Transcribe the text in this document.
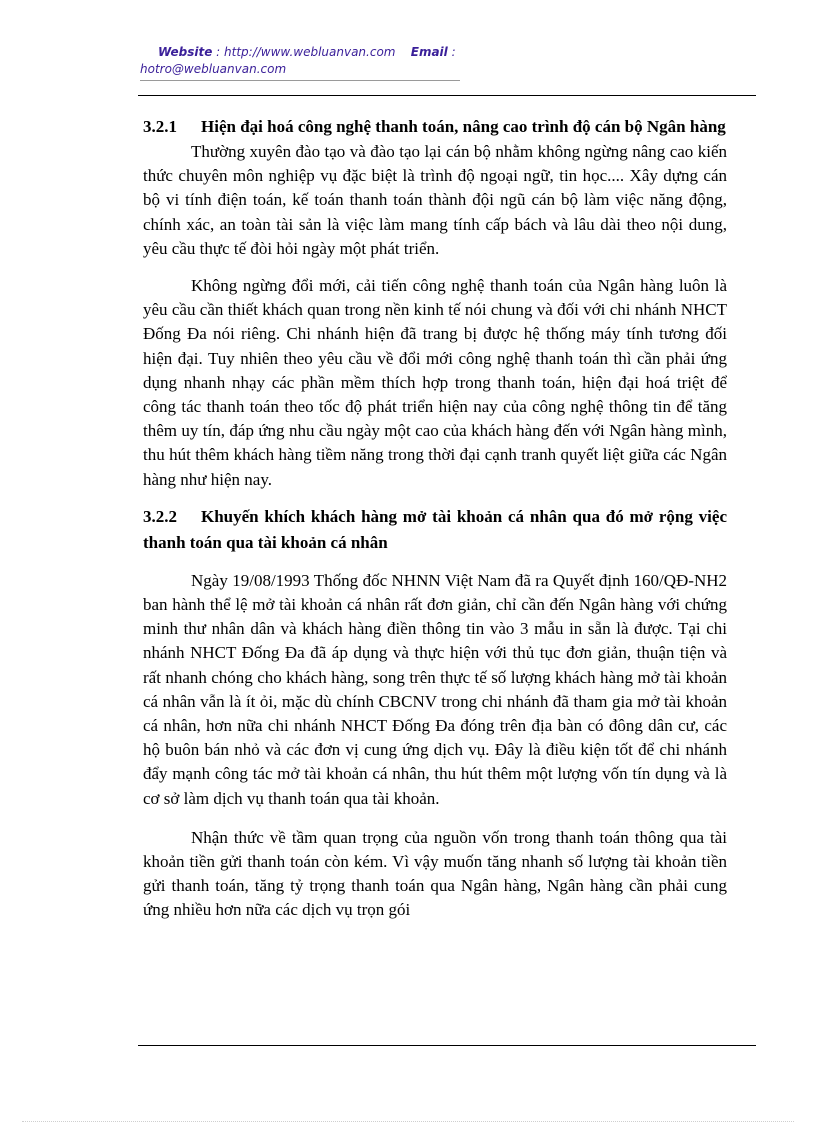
Website : http://www.webluanvan.com Email :
hotro@webluanvan.com
3.2.1 Hiện đại hoá công nghệ thanh toán, nâng cao trình độ cán bộ Ngân hàng

Thường xuyên đào tạo và đào tạo lại cán bộ nhằm không ngừng nâng cao kiến thức chuyên môn nghiệp vụ đặc biệt là trình độ ngoại ngữ, tin học.... Xây dựng cán bộ vi tính điện toán, kế toán thanh toán thành đội ngũ cán bộ làm việc năng động, chính xác, an toàn tài sản là việc làm mang tính cấp bách và lâu dài theo nội dung, yêu cầu thực tế đòi hỏi ngày một phát triển.

Không ngừng đổi mới, cải tiến công nghệ thanh toán của Ngân hàng luôn là yêu cầu cần thiết khách quan trong nền kinh tế nói chung và đối với chi nhánh NHCT Đống Đa nói riêng. Chi nhánh hiện đã trang bị được hệ thống máy tính tương đối hiện đại. Tuy nhiên theo yêu cầu về đổi mới công nghệ thanh toán thì cần phải ứng dụng nhanh nhạy các phần mềm thích hợp trong thanh toán, hiện đại hoá triệt để công tác thanh toán theo tốc độ phát triển hiện nay của công nghệ thông tin để tăng thêm uy tín, đáp ứng nhu cầu ngày một cao của khách hàng đến với Ngân hàng mình, thu hút thêm khách hàng tiềm năng trong thời đại cạnh tranh quyết liệt giữa các Ngân hàng như hiện nay.

3.2.2 Khuyến khích khách hàng mở tài khoản cá nhân qua đó mở rộng việc thanh toán qua tài khoản cá nhân

Ngày 19/08/1993 Thống đốc NHNN Việt Nam đã ra Quyết định 160/QĐ-NH2 ban hành thể lệ mở tài khoản cá nhân rất đơn giản, chỉ cần đến Ngân hàng với chứng minh thư nhân dân và khách hàng điền thông tin vào 3 mẫu in sẵn là được. Tại chi nhánh NHCT Đống Đa đã áp dụng và thực hiện với thủ tục đơn giản, thuận tiện và rất nhanh chóng cho khách hàng, song trên thực tế số lượng khách hàng mở tài khoản cá nhân vẫn là ít ỏi, mặc dù chính CBCNV trong chi nhánh đã tham gia mở tài khoản cá nhân, hơn nữa chi nhánh NHCT Đống Đa đóng trên địa bàn có đông dân cư, các hộ buôn bán nhỏ và các đơn vị cung ứng dịch vụ. Đây là điều kiện tốt để chi nhánh đẩy mạnh công tác mở tài khoản cá nhân, thu hút thêm một lượng vốn tín dụng và là cơ sở làm dịch vụ thanh toán qua tài khoản.

Nhận thức về tầm quan trọng của nguồn vốn trong thanh toán thông qua tài khoản tiền gửi thanh toán còn kém. Vì vậy muốn tăng nhanh số lượng tài khoản tiền gửi thanh toán, tăng tỷ trọng thanh toán qua Ngân hàng, Ngân hàng cần phải cung ứng nhiều hơn nữa các dịch vụ trọn gói
